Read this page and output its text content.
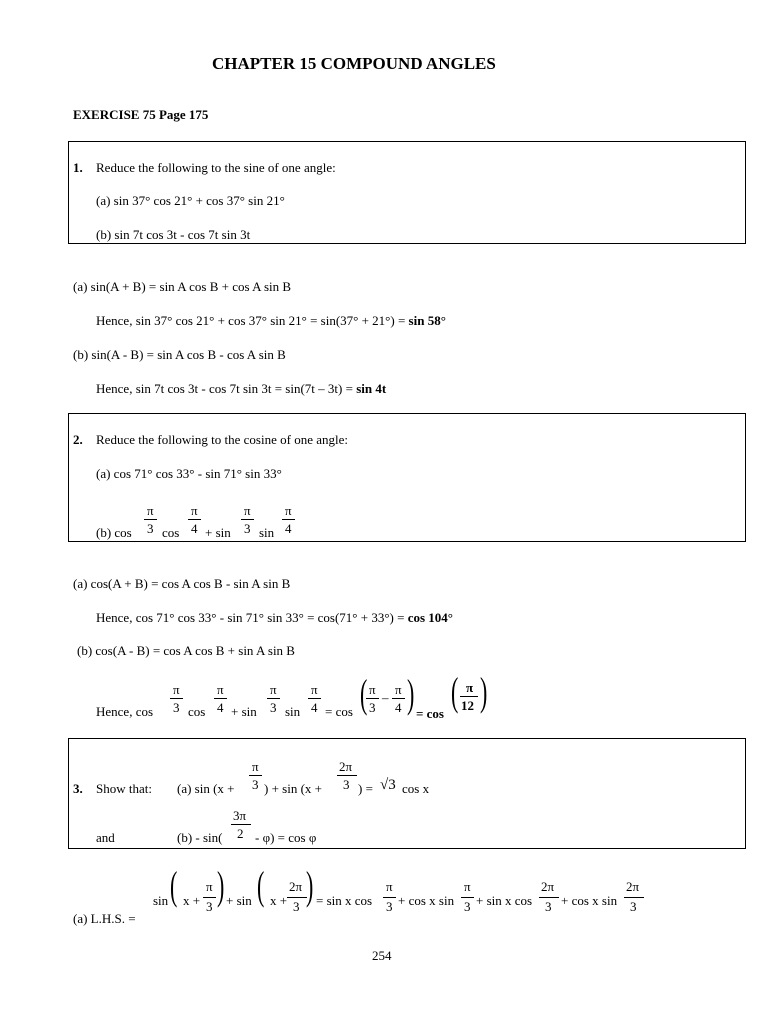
CHAPTER 15 COMPOUND ANGLES
EXERCISE 75 Page 175
1. Reduce the following to the sine of one angle:
(a) sin 37° cos 21° + cos 37° sin 21°
(b) sin 7t cos 3t - cos 7t sin 3t
(a) sin(A + B) = sin A cos B + cos A sin B
Hence, sin 37° cos 21° + cos 37° sin 21° = sin(37° + 21°) = sin 58°
(b) sin(A - B) = sin A cos B - cos A sin B
Hence, sin 7t cos 3t - cos 7t sin 3t = sin(7t – 3t) = sin 4t
2. Reduce the following to the cosine of one angle:
(a) cos 71° cos 33° - sin 71° sin 33°
(b) cos
π
3 cos
π
4 + sin
π
3 sin
π
4
(a) cos(A + B) = cos A cos B - sin A sin B
Hence, cos 71° cos 33° - sin 71° sin 33° = cos(71° + 33°) = cos 104°
(b) cos(A - B) = cos A cos B + sin A sin B
Hence, cos
π
3 cos
π
4 + sin
π
3 sin
π
4 = cos ( π
3
–
π
4 ) = cos ( π
12 )
3. Show that: (a) sin (x +
π
3 ) + sin (x +
2π
3 ) = √3 cos x
and	(b) - sin(
3π
2 - φ) = cos φ
(a) L.H.S. =
sin ( x +
π
3 ) + sin ( x +
2π
3 ) = sin x cos
π
3 + cos x sin
π
3 + sin x cos
2π
3 + cos x sin
2π
3
254
